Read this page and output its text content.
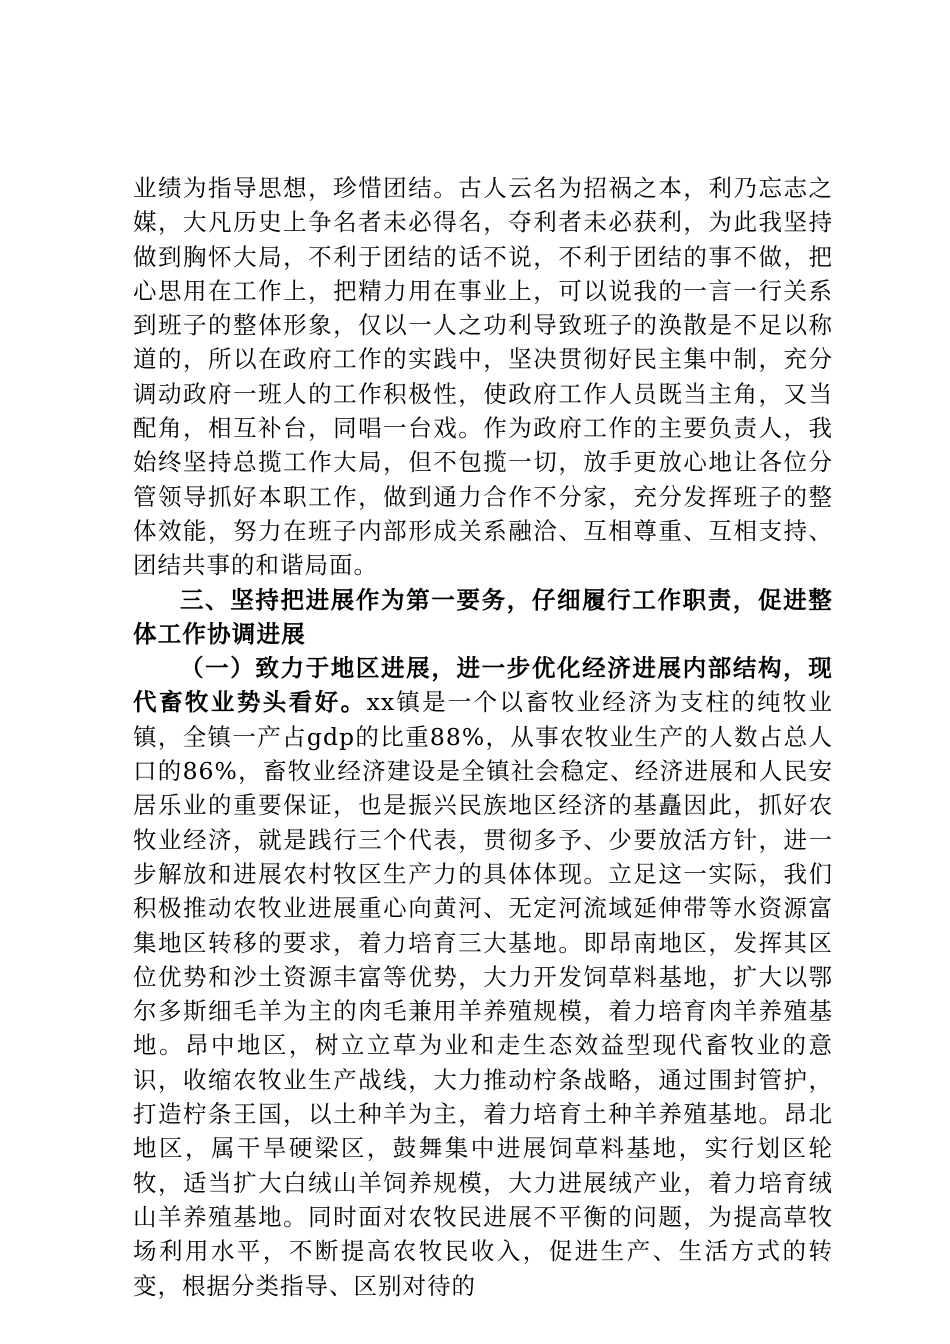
业绩为指导思想，珍惜团结。古人云名为招祸之本，利乃忘志之媒，大凡历史上争名者未必得名，夺利者未必获利，为此我坚持做到胸怀大局，不利于团结的话不说，不利于团结的事不做，把心思用在工作上，把精力用在事业上，可以说我的一言一行关系到班子的整体形象，仅以一人之功利导致班子的涣散是不足以称道的，所以在政府工作的实践中，坚决贯彻好民主集中制，充分调动政府一班人的工作积极性，使政府工作人员既当主角，又当配角，相互补台，同唱一台戏。作为政府工作的主要负责人，我始终坚持总揽工作大局，但不包揽一切，放手更放心地让各位分管领导抓好本职工作，做到通力合作不分家，充分发挥班子的整体效能，努力在班子内部形成关系融洽、互相尊重、互相支持、团结共事的和谐局面。

三、坚持把进展作为第一要务，仔细履行工作职责，促进整体工作协调进展

（一）致力于地区进展，进一步优化经济进展内部结构，现代畜牧业势头看好。xx镇是一个以畜牧业经济为支柱的纯牧业镇，全镇一产占gdp的比重88%，从事农牧业生产的人数占总人口的86%，畜牧业经济建设是全镇社会稳定、经济进展和人民安居乐业的重要保证，也是振兴民族地区经济的基矗因此，抓好农牧业经济，就是践行三个代表，贯彻多予、少要放活方针，进一步解放和进展农村牧区生产力的具体体现。立足这一实际，我们积极推动农牧业进展重心向黄河、无定河流域延伸带等水资源富集地区转移的要求，着力培育三大基地。即昂南地区，发挥其区位优势和沙土资源丰富等优势，大力开发饲草料基地，扩大以鄂尔多斯细毛羊为主的肉毛兼用羊养殖规模，着力培育肉羊养殖基地。昂中地区，树立立草为业和走生态效益型现代畜牧业的意识，收缩农牧业生产战线，大力推动柠条战略，通过围封管护，打造柠条王国，以土种羊为主，着力培育土种羊养殖基地。昂北地区，属干旱硬梁区，鼓舞集中进展饲草料基地，实行划区轮牧，适当扩大白绒山羊饲养规模，大力进展绒产业，着力培育绒山羊养殖基地。同时面对农牧民进展不平衡的问题，为提高草牧场利用水平，不断提高农牧民收入，促进生产、生活方式的转变，根据分类指导、区别对待的
